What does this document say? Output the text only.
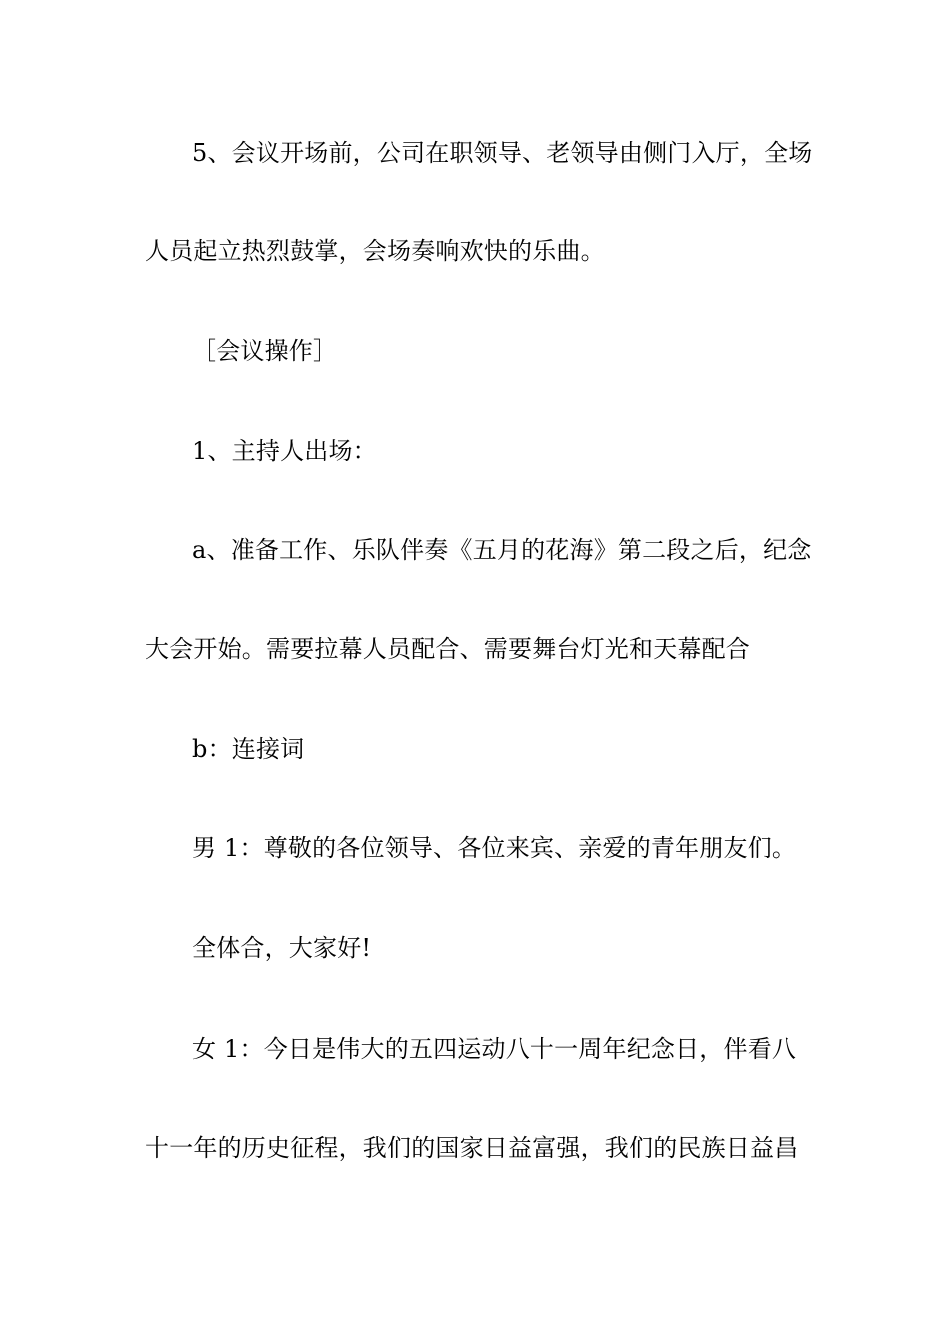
5、会议开场前，公司在职领导、老领导由侧门入厅，全场
人员起立热烈鼓掌，会场奏响欢快的乐曲。
［会议操作］
1、主持人出场：
a、准备工作、乐队伴奏《五月的花海》第二段之后，纪念
大会开始。需要拉幕人员配合、需要舞台灯光和天幕配合
b：连接词
男 1：尊敬的各位领导、各位来宾、亲爱的青年朋友们。
全体合，大家好!
女 1：今日是伟大的五四运动八十一周年纪念日，伴看八
十一年的历史征程，我们的国家日益富强，我们的民族日益昌
